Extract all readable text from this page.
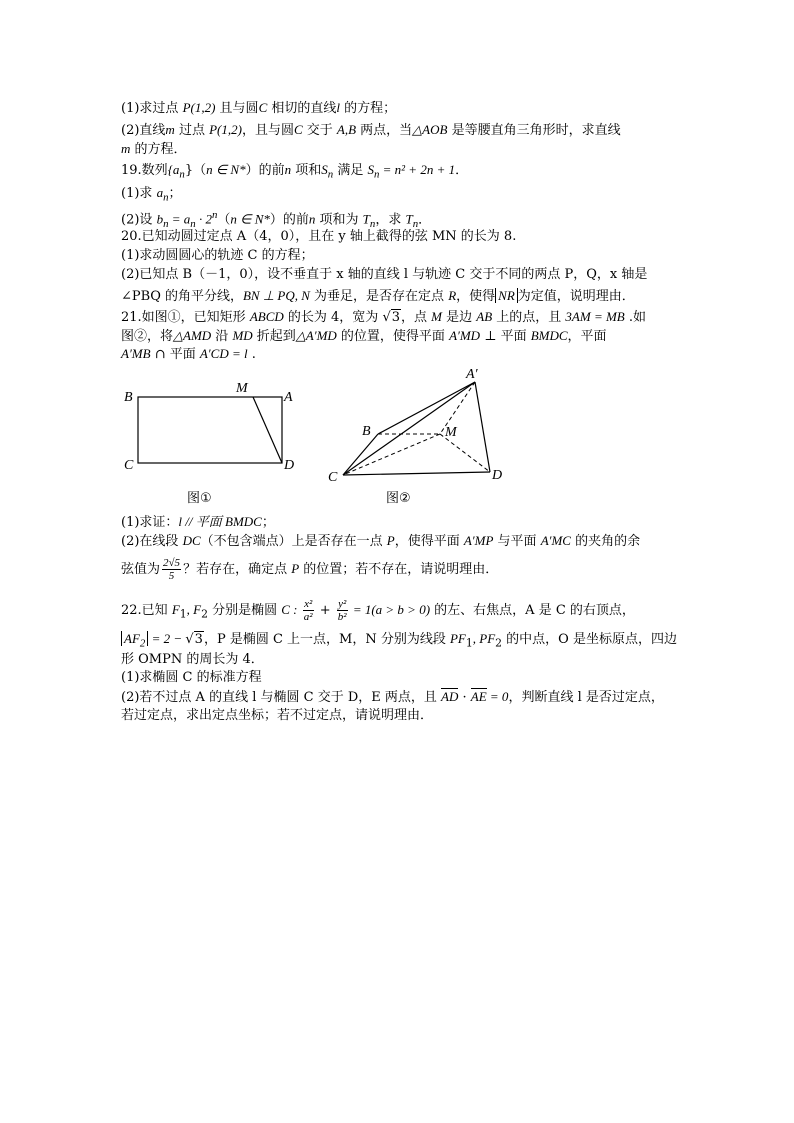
(1)求过点 P(1,2) 且与圆C 相切的直线l 的方程；
(2)直线m 过点 P(1,2)，且与圆C 交于 A,B 两点，当△AOB 是等腰直角三角形时，求直线
m 的方程．
19.数列$\{a_n\}(n$ ∈ N*）的前n 项和$S_n$ 满足 $S_n = n^2 + 2n + 1$．
(1)求 $a_n$；
(2)设 $b_n = a_n \cdot 2^n(n$ ∈ N*）的前n 项和为 $T_n$，求 $T_n$．
20.已知动圆过定点 A（4，0），且在 y 轴上截得的弦 MN 的长为 8.
(1)求动圆圆心的轨迹 C 的方程；
(2)已知点 B（－1，0），设不垂直于 x 轴的直线 l 与轨迹 C 交于不同的两点 P，Q，x 轴是
∠PBQ 的角平分线，BN ⊥ PQ, N 为垂足，是否存在定点 R，使得 NR 为定值，说明理由．
21.如图①，已知矩形 ABCD 的长为 4，宽为 √3，点 M 是边 AB 上的点，且 3AM = MB .如
图②，将△AMD 沿 MD 折起到△A′MD 的位置，使得平面 A′MD ⊥ 平面 BMDC，平面
A′MB ∩ 平面 A′CD = l .
B
M
A
C	D
图①
A′
B	M
C	D
图②
(1)求证：l // 平面 BMDC；
(2)在线段 DC（不包含端点）上是否存在一点 P，使得平面 A′MP 与平面 A′MC 的夹角的余
弦值为 $\frac{2√5}{5}$ ？若存在，确定点 P 的位置；若不存在，请说明理由．
22.已知 $F_1$, $F_2$ 分别是椭圆 C : $\frac{\text{x²}}{\text{a²}} + \frac{\text{y²}}{\text{b²}} = 1(a > b > 0)$ 的左、右焦点，A 是 C 的右顶点，
$AF_2 = 2 - √3$，P 是椭圆 C 上一点，M，N 分别为线段 $PF_1$, $PF_2$ 的中点，O 是坐标原点，四边
形 OMPN 的周长为 4．
(1)求椭圆 C 的标准方程
(2)若不过点 A 的直线 l 与椭圆 C 交于 D，E 两点，且 AD · AE = 0，判断直线 l 是否过定点，
若过定点，求出定点坐标；若不过定点，请说明理由．
